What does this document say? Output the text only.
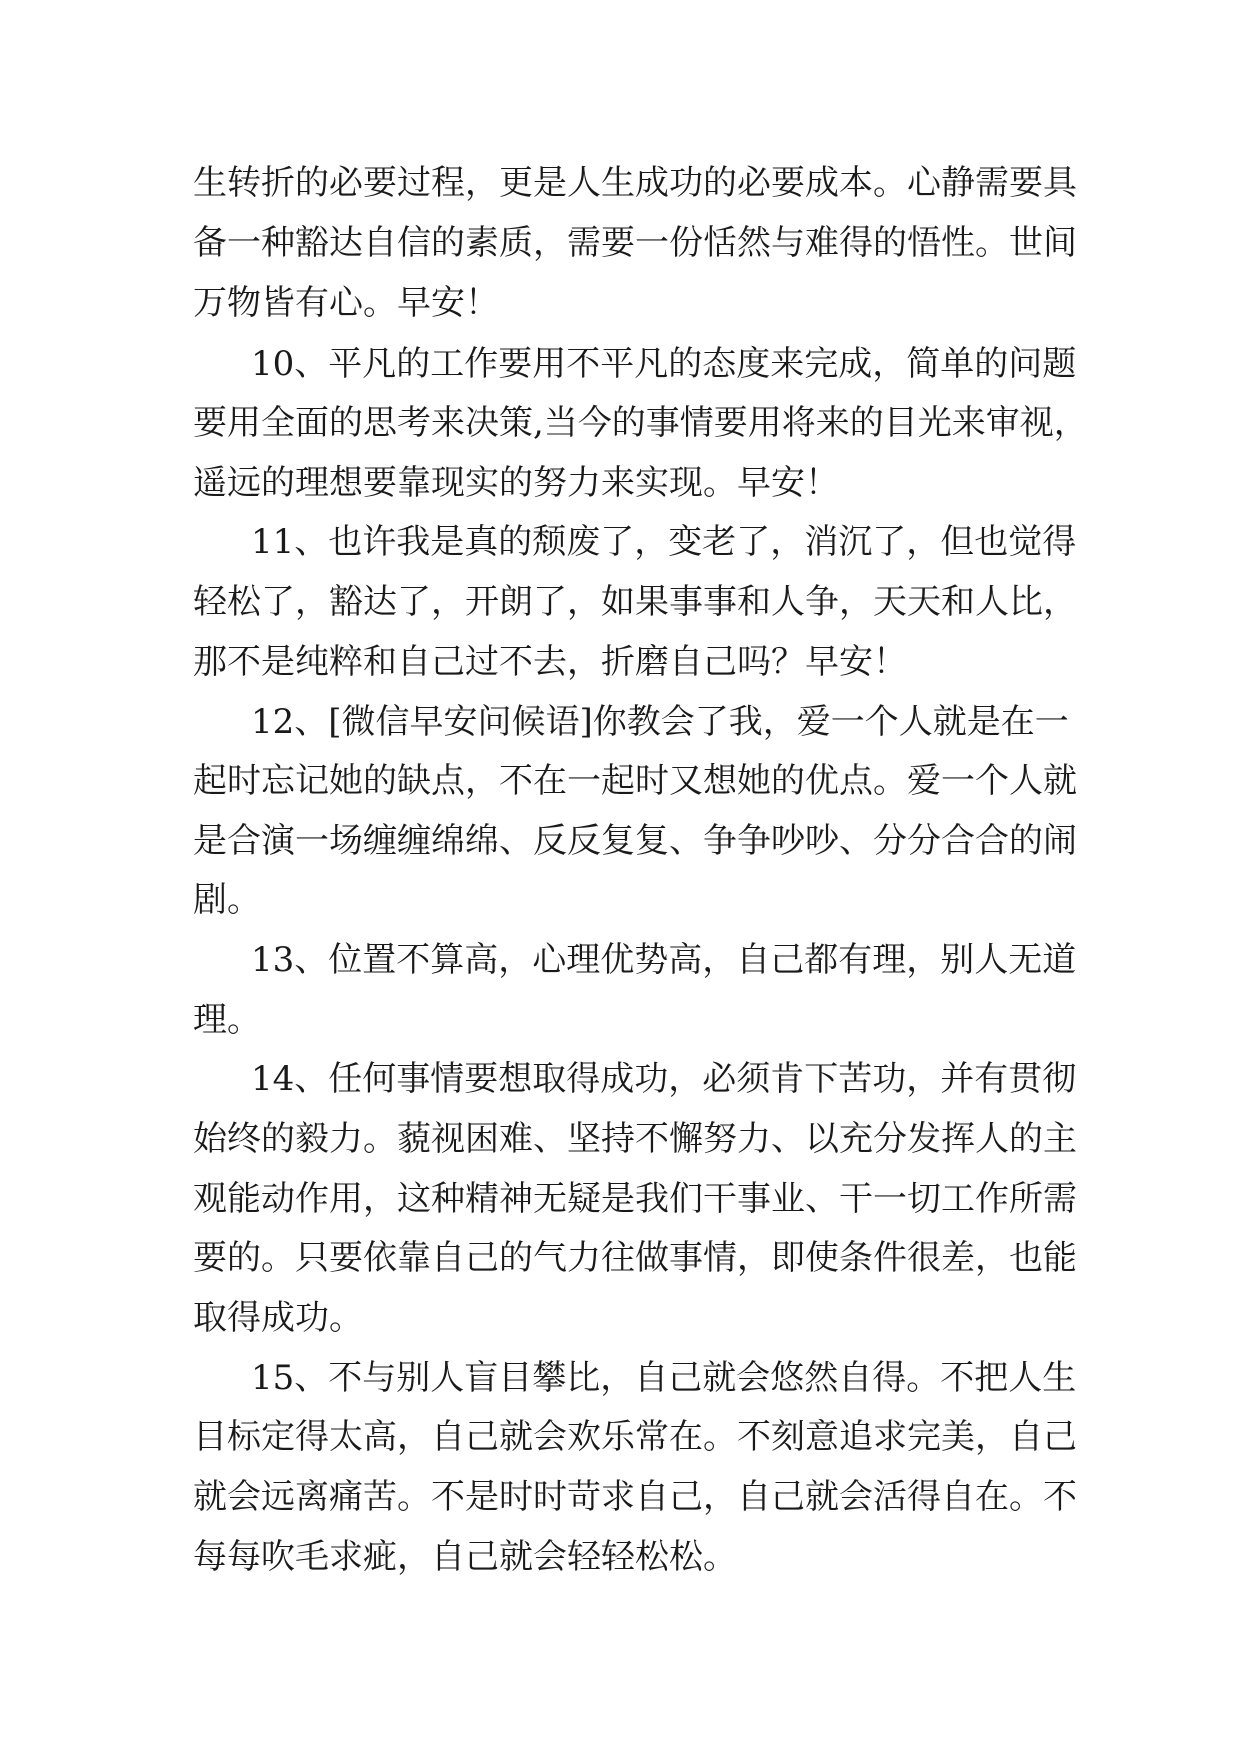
生转折的必要过程，更是人生成功的必要成本。心静需要具
备一种豁达自信的素质，需要一份恬然与难得的悟性。世间
万物皆有心。早安！
10、平凡的工作要用不平凡的态度来完成，简单的问题
要用全面的思考来决策,当今的事情要用将来的目光来审视，
遥远的理想要靠现实的努力来实现。早安！
11、也许我是真的颓废了，变老了，消沉了，但也觉得
轻松了，豁达了，开朗了，如果事事和人争，天天和人比，
那不是纯粹和自己过不去，折磨自己吗？早安！
12、[微信早安问候语]你教会了我，爱一个人就是在一
起时忘记她的缺点，不在一起时又想她的优点。爱一个人就
是合演一场缠缠绵绵、反反复复、争争吵吵、分分合合的闹
剧。
13、位置不算高，心理优势高，自己都有理，别人无道
理。
14、任何事情要想取得成功，必须肯下苦功，并有贯彻
始终的毅力。藐视困难、坚持不懈努力、以充分发挥人的主
观能动作用，这种精神无疑是我们干事业、干一切工作所需
要的。只要依靠自己的气力往做事情，即使条件很差，也能
取得成功。
15、不与别人盲目攀比，自己就会悠然自得。不把人生
目标定得太高，自己就会欢乐常在。不刻意追求完美，自己
就会远离痛苦。不是时时苛求自己，自己就会活得自在。不
每每吹毛求疵，自己就会轻轻松松。
